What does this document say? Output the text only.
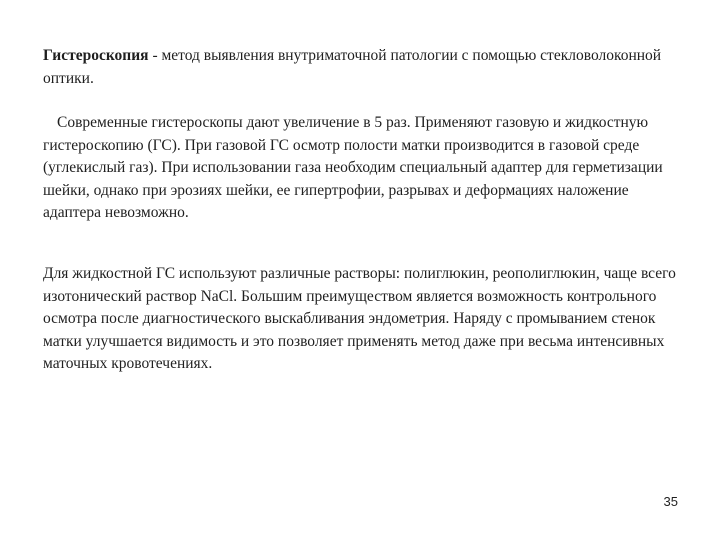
Гистероскопия - метод выявления внутриматочной патологии с помощью стекловолоконной оптики.

Современные гистероскопы дают увеличение в 5 раз. Применяют газовую и жидкостную гистероскопию (ГС). При газовой ГС осмотр полости матки производится в газовой среде (углекислый газ). При использовании газа необходим специальный адаптер для герметизации шейки, однако при эрозиях шейки, ее гипертрофии, разрывах и деформациях наложение адаптера невозможно.

Для жидкостной ГС используют различные растворы: полиглюкин, реополиглюкин, чаще всего изотонический раствор NaCl. Большим преимуществом является возможность контрольного осмотра после диагностического выскабливания эндометрия. Наряду с промыванием стенок матки улучшается видимость и это позволяет применять метод даже при весьма интенсивных маточных кровотечениях.

35
